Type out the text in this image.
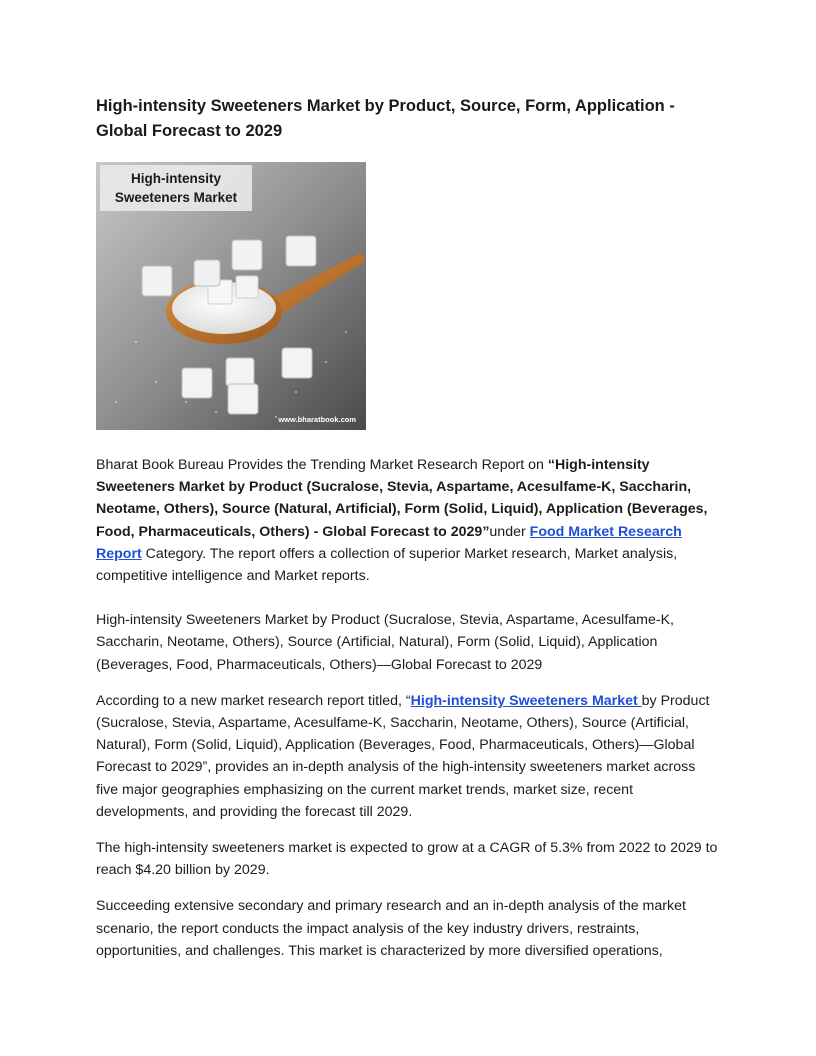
High-intensity Sweeteners Market by Product, Source, Form, Application - Global Forecast to 2029
High-intensity
Sweeteners Market
www.bharatbook.com

Bharat Book Bureau Provides the Trending Market Research Report on “High-intensity Sweeteners Market by Product (Sucralose, Stevia, Aspartame, Acesulfame-K, Saccharin, Neotame, Others), Source (Natural, Artificial), Form (Solid, Liquid), Application (Beverages, Food, Pharmaceuticals, Others) - Global Forecast to 2029”under Food Market Research Report Category. The report offers a collection of superior Market research, Market analysis, competitive intelligence and Market reports.

High-intensity Sweeteners Market by Product (Sucralose, Stevia, Aspartame, Acesulfame-K, Saccharin, Neotame, Others), Source (Artificial, Natural), Form (Solid, Liquid), Application (Beverages, Food, Pharmaceuticals, Others)—Global Forecast to 2029

According to a new market research report titled, “High-intensity Sweeteners Market by Product (Sucralose, Stevia, Aspartame, Acesulfame-K, Saccharin, Neotame, Others), Source (Artificial, Natural), Form (Solid, Liquid), Application (Beverages, Food, Pharmaceuticals, Others)—Global Forecast to 2029”, provides an in-depth analysis of the high-intensity sweeteners market across five major geographies emphasizing on the current market trends, market size, recent developments, and providing the forecast till 2029.

The high-intensity sweeteners market is expected to grow at a CAGR of 5.3% from 2022 to 2029 to reach $4.20 billion by 2029.

Succeeding extensive secondary and primary research and an in-depth analysis of the market scenario, the report conducts the impact analysis of the key industry drivers, restraints, opportunities, and challenges. This market is characterized by more diversified operations,
